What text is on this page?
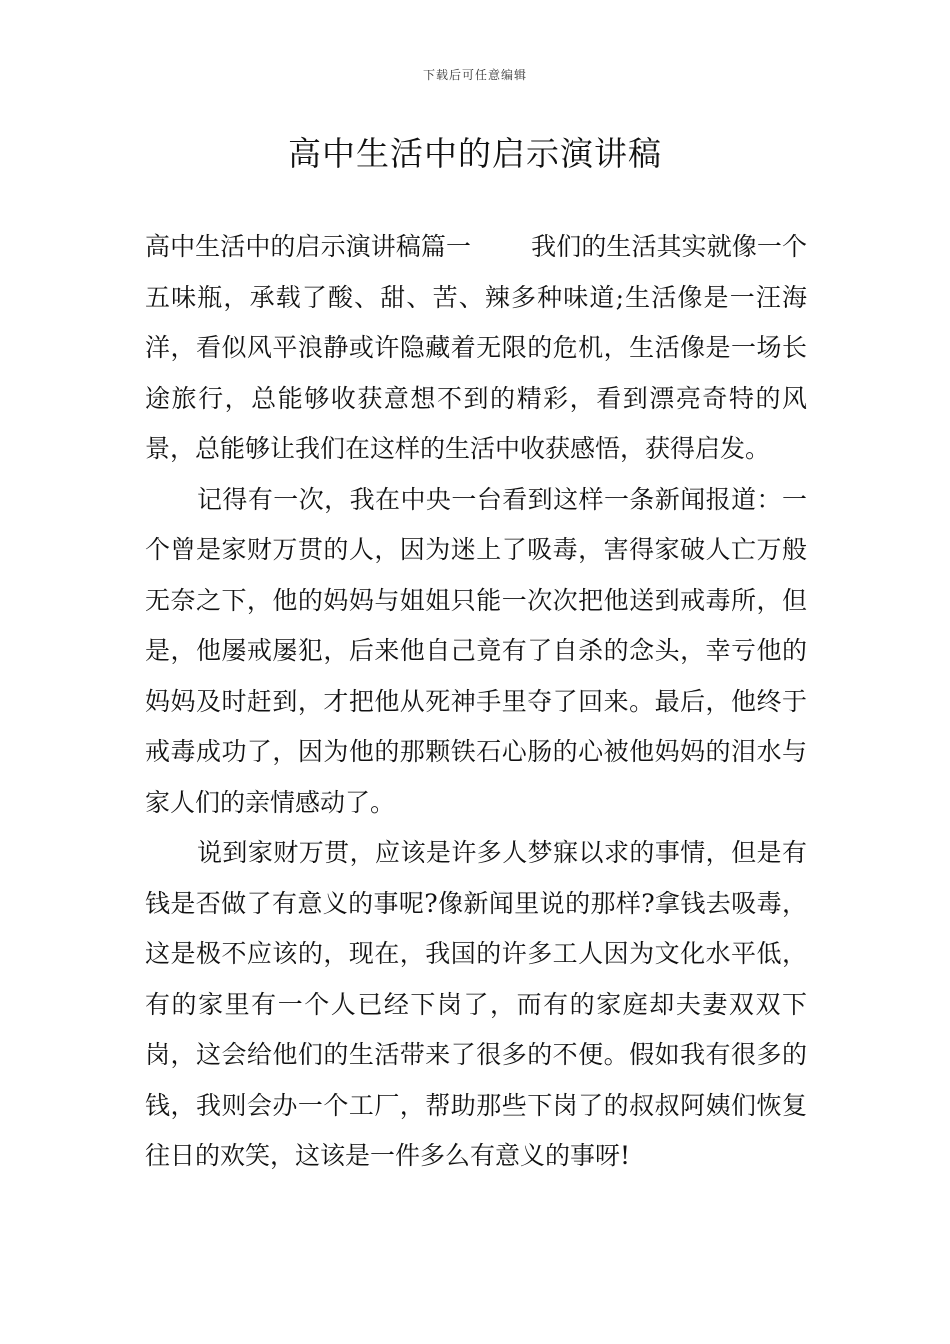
下载后可任意编辑
高中生活中的启示演讲稿

高中生活中的启示演讲稿篇一 我们的生活其实就像一个五味瓶，承载了酸、甜、苦、辣多种味道;生活像是一汪海洋，看似风平浪静或许隐藏着无限的危机，生活像是一场长途旅行，总能够收获意想不到的精彩，看到漂亮奇特的风景，总能够让我们在这样的生活中收获感悟，获得启发。

记得有一次，我在中央一台看到这样一条新闻报道：一个曾是家财万贯的人，因为迷上了吸毒，害得家破人亡万般无奈之下，他的妈妈与姐姐只能一次次把他送到戒毒所，但是，他屡戒屡犯，后来他自己竟有了自杀的念头，幸亏他的妈妈及时赶到，才把他从死神手里夺了回来。最后，他终于戒毒成功了，因为他的那颗铁石心肠的心被他妈妈的泪水与家人们的亲情感动了。

说到家财万贯，应该是许多人梦寐以求的事情，但是有钱是否做了有意义的事呢?像新闻里说的那样?拿钱去吸毒，这是极不应该的，现在，我国的许多工人因为文化水平低，有的家里有一个人已经下岗了，而有的家庭却夫妻双双下岗，这会给他们的生活带来了很多的不便。假如我有很多的钱，我则会办一个工厂，帮助那些下岗了的叔叔阿姨们恢复往日的欢笑，这该是一件多么有意义的事呀!
